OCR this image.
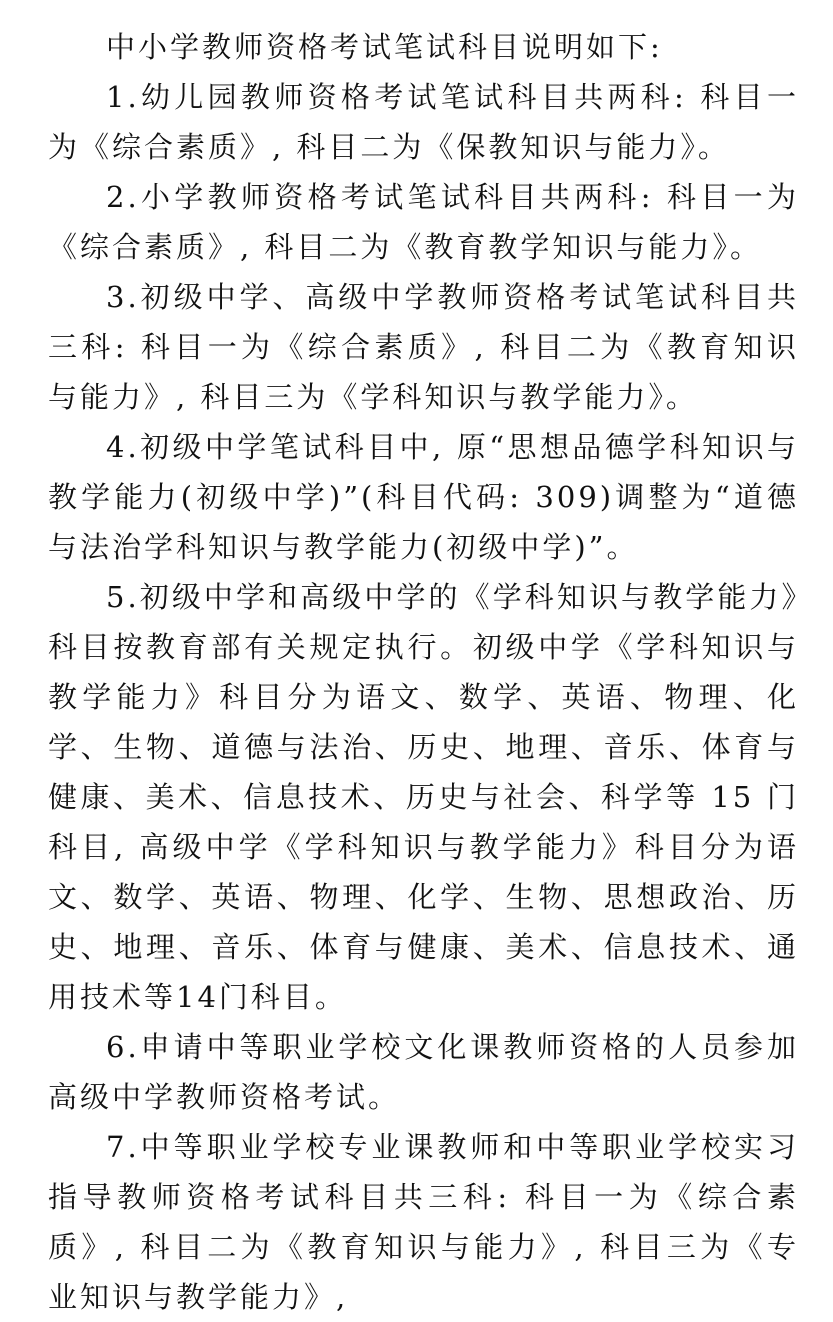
中小学教师资格考试笔试科目说明如下:

1.幼儿园教师资格考试笔试科目共两科: 科目一为《综合素质》, 科目二为《保教知识与能力》。

2.小学教师资格考试笔试科目共两科: 科目一为《综合素质》, 科目二为《教育教学知识与能力》。

3.初级中学、高级中学教师资格考试笔试科目共三科: 科目一为《综合素质》, 科目二为《教育知识与能力》, 科目三为《学科知识与教学能力》。

4.初级中学笔试科目中, 原“思想品德学科知识与教学能力(初级中学)”(科目代码: 309)调整为“道德与法治学科知识与教学能力(初级中学)”。

5.初级中学和高级中学的《学科知识与教学能力》科目按教育部有关规定执行。初级中学《学科知识与教学能力》科目分为语文、数学、英语、物理、化学、生物、道德与法治、历史、地理、音乐、体育与健康、美术、信息技术、历史与社会、科学等 15 门科目, 高级中学《学科知识与教学能力》科目分为语文、数学、英语、物理、化学、生物、思想政治、历史、地理、音乐、体育与健康、美术、信息技术、通用技术等14门科目。

6.申请中等职业学校文化课教师资格的人员参加高级中学教师资格考试。

7.中等职业学校专业课教师和中等职业学校实习指导教师资格考试科目共三科: 科目一为《综合素质》, 科目二为《教育知识与能力》, 科目三为《专业知识与教学能力》,
